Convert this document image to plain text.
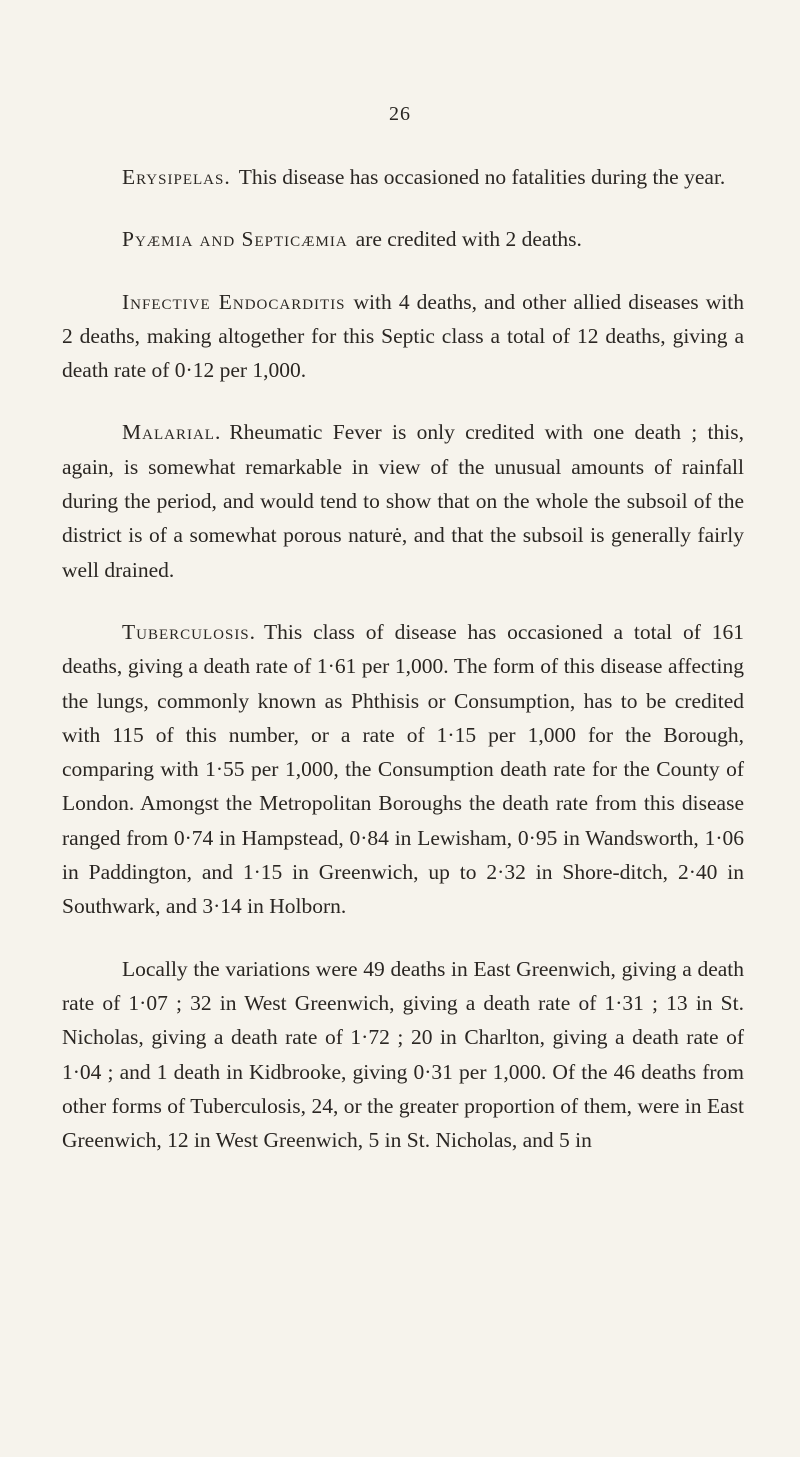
26

Erysipelas. This disease has occasioned no fatalities during the year.

Pyæmia and Septicæmia are credited with 2 deaths.

Infective Endocarditis with 4 deaths, and other allied diseases with 2 deaths, making altogether for this Septic class a total of 12 deaths, giving a death rate of 0·12 per 1,000.

Malarial. Rheumatic Fever is only credited with one death ; this, again, is somewhat remarkable in view of the unusual amounts of rainfall during the period, and would tend to show that on the whole the subsoil of the district is of a somewhat porous naturė, and that the subsoil is generally fairly well drained.

Tuberculosis. This class of disease has occasioned a total of 161 deaths, giving a death rate of 1·61 per 1,000. The form of this disease affecting the lungs, commonly known as Phthisis or Consumption, has to be credited with 115 of this number, or a rate of 1·15 per 1,000 for the Borough, comparing with 1·55 per 1,000, the Consumption death rate for the County of London. Amongst the Metropolitan Boroughs the death rate from this disease ranged from 0·74 in Hampstead, 0·84 in Lewisham, 0·95 in Wandsworth, 1·06 in Paddington, and 1·15 in Greenwich, up to 2·32 in Shore-ditch, 2·40 in Southwark, and 3·14 in Holborn.

Locally the variations were 49 deaths in East Greenwich, giving a death rate of 1·07 ; 32 in West Greenwich, giving a death rate of 1·31 ; 13 in St. Nicholas, giving a death rate of 1·72 ; 20 in Charlton, giving a death rate of 1·04 ; and 1 death in Kidbrooke, giving 0·31 per 1,000. Of the 46 deaths from other forms of Tuberculosis, 24, or the greater proportion of them, were in East Greenwich, 12 in West Greenwich, 5 in St. Nicholas, and 5 in
